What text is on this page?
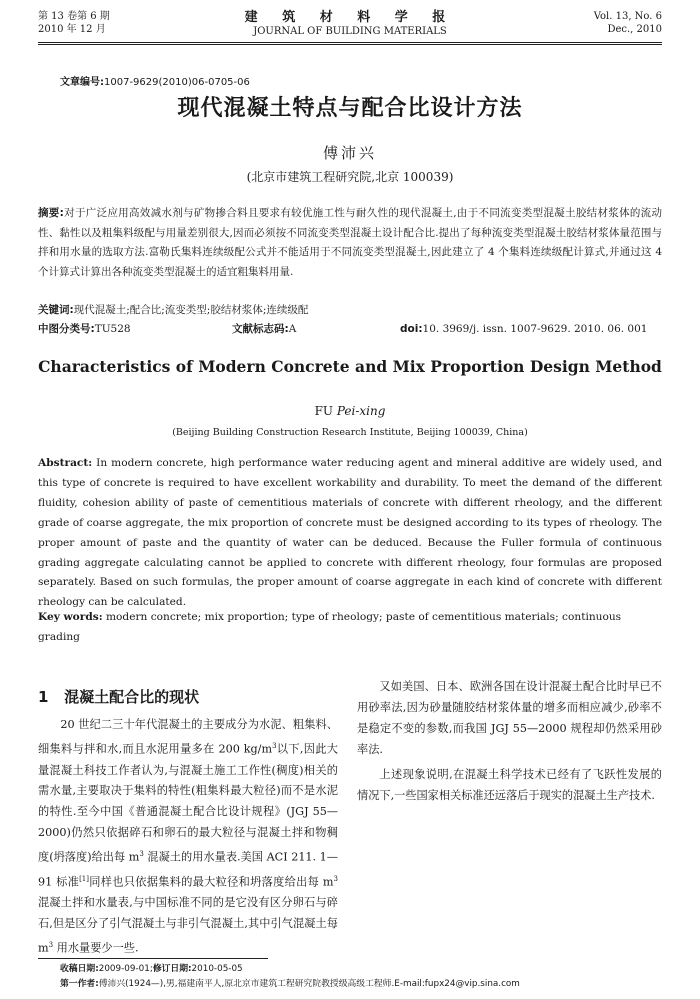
第 13 卷第 6 期
2010 年 12 月
建 筑 材 料 学 报
JOURNAL OF BUILDING MATERIALS
Vol. 13, No. 6
Dec., 2010
文章编号:1007-9629(2010)06-0705-06
现代混凝土特点与配合比设计方法
傅沛兴
(北京市建筑工程研究院,北京 100039)
摘要:对于广泛应用高效减水剂与矿物掺合料且要求有较优施工性与耐久性的现代混凝土,由于不同流变类型混凝土胶结材浆体的流动性、黏性以及粗集料级配与用量差别很大,因而必须按不同流变类型混凝土设计配合比.提出了每种流变类型混凝土胶结材浆体量范围与拌和用水量的选取方法.富勒氏集料连续级配公式并不能适用于不同流变类型混凝土,因此建立了 4 个集料连续级配计算式,并通过这 4 个计算式计算出各种流变类型混凝土的适宜粗集料用量.
关键词:现代混凝土;配合比;流变类型;胶结材浆体;连续级配
中图分类号:TU528	文献标志码:A	doi:10. 3969/j. issn. 1007-9629. 2010. 06. 001
Characteristics of Modern Concrete and Mix Proportion Design Method
FU Pei-xing
(Beijing Building Construction Research Institute, Beijing 100039, China)
Abstract: In modern concrete, high performance water reducing agent and mineral additive are widely used, and this type of concrete is required to have excellent workability and durability. To meet the demand of the different fluidity, cohesion ability of paste of cementitious materials of concrete with different rheology, and the different grade of coarse aggregate, the mix proportion of concrete must be designed according to its types of rheology. The proper amount of paste and the quantity of water can be deduced. Because the Fuller formula of continuous grading aggregate calculating cannot be applied to concrete with different rheology, four formulas are proposed separately. Based on such formulas, the proper amount of coarse aggregate in each kind of concrete with different rheology can be calculated.
Key words: modern concrete; mix proportion; type of rheology; paste of cementitious materials; continuous grading
1 混凝土配合比的现状

20 世纪二三十年代混凝土的主要成分为水泥、粗集料、细集料与拌和水,而且水泥用量多在 200 $kg/m^3$以下,因此大量混凝土科技工作者认为,与混凝土施工工作性(稠度)相关的需水量,主要取决于集料的特性(粗集料最大粒径)而不是水泥的特性.至今中国《普通混凝土配合比设计规程》(JGJ 55—2000)仍然只依据碎石和卵石的最大粒径与混凝土拌和物稠度(坍落度)给出每 $m^3$ 混凝土的用水量表.美国 ACI 211. 1—91 标准[1]同样也只依据集料的最大粒径和坍落度给出每 $m^3$ 混凝土拌和水量表,与中国标准不同的是它没有区分卵石与碎石,但是区分了引气混凝土与非引气混凝土,其中引气混凝土每 $m^3$ 用水量要少一些.

又如美国、日本、欧洲各国在设计混凝土配合比时早已不用砂率法,因为砂量随胶结材浆体量的增多而相应减少,砂率不是稳定不变的参数,而我国 JGJ 55—2000 规程却仍然采用砂率法.

上述现象说明,在混凝土科学技术已经有了飞跃性发展的情况下,一些国家相关标准还远落后于现实的混凝土生产技术.

收稿日期:2009-09-01;修订日期:2010-05-05
第一作者:傅沛兴(1924—),男,福建南平人,原北京市建筑工程研究院教授级高级工程师.E-mail:fupx24@vip.sina.com
